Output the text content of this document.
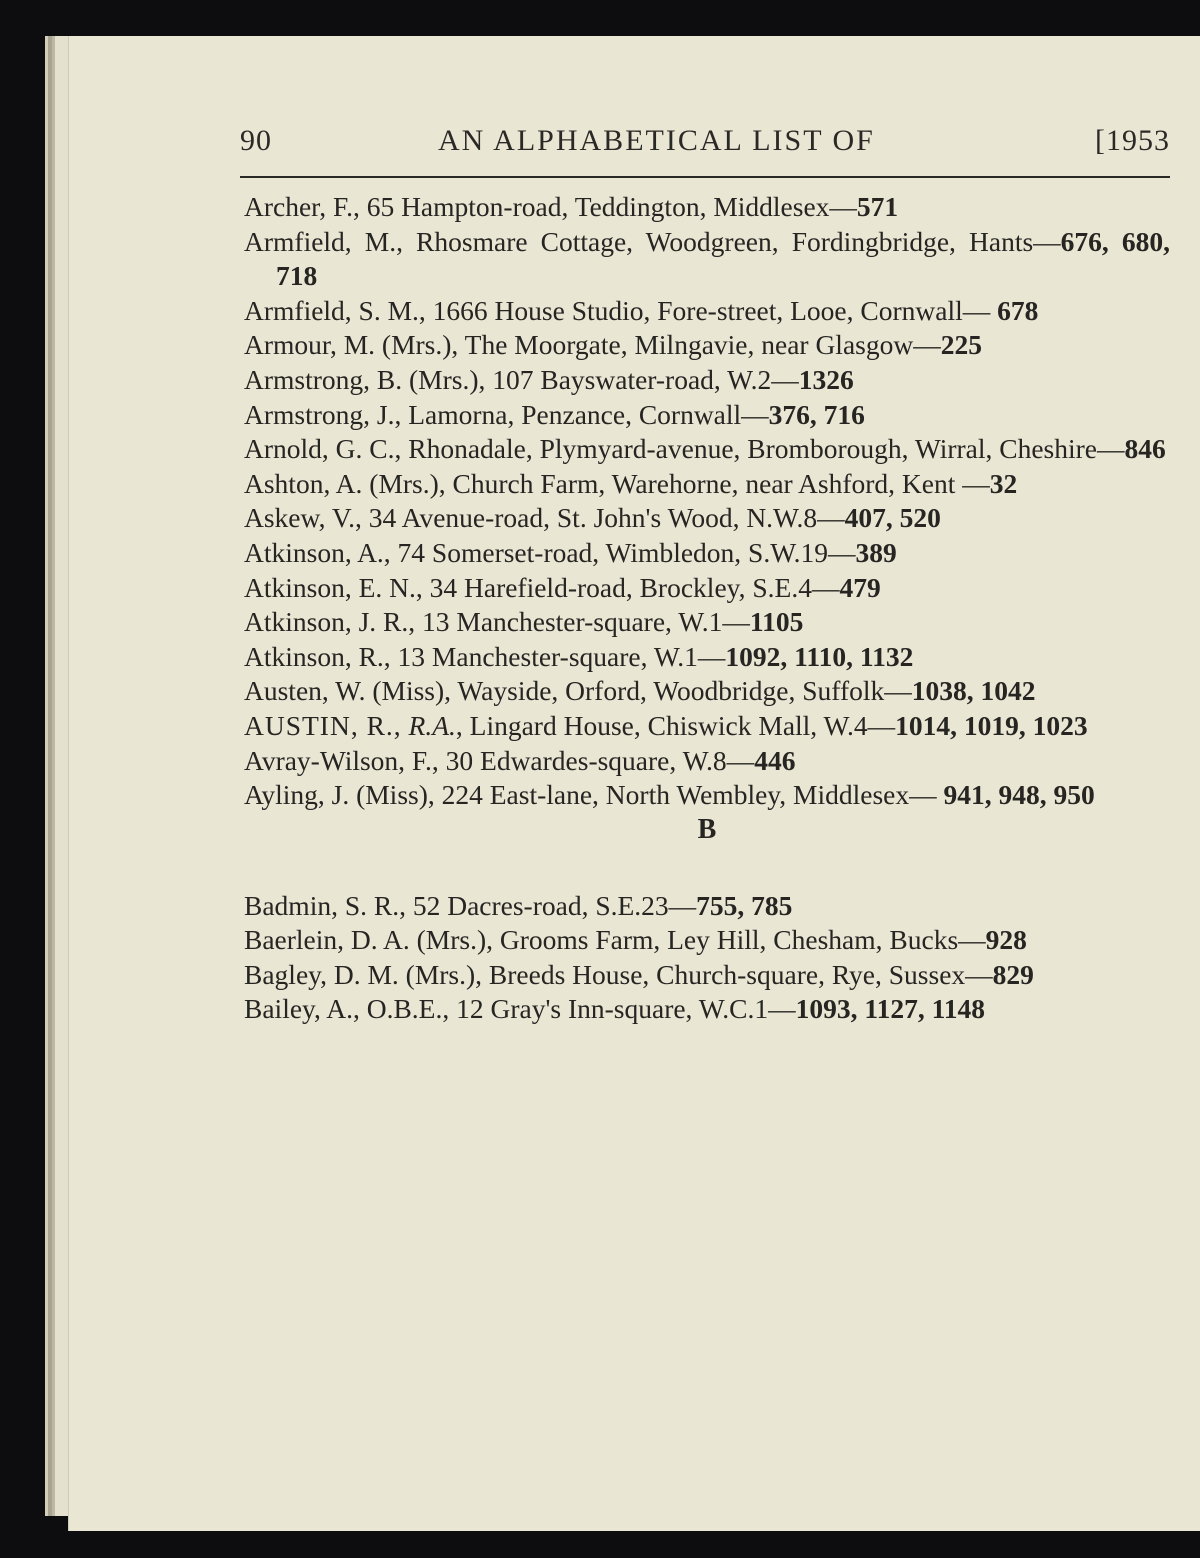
90	AN ALPHABETICAL LIST OF	[1953

Archer, F., 65 Hampton-road, Teddington, Middlesex—571

Armfield, M., Rhosmare Cottage, Woodgreen, Fordingbridge, Hants—676, 680, 718

Armfield, S. M., 1666 House Studio, Fore-street, Looe, Cornwall— 678

Armour, M. (Mrs.), The Moorgate, Milngavie, near Glasgow—225

Armstrong, B. (Mrs.), 107 Bayswater-road, W.2—1326

Armstrong, J., Lamorna, Penzance, Cornwall—376, 716

Arnold, G. C., Rhonadale, Plymyard-avenue, Bromborough, Wirral, Cheshire—846

Ashton, A. (Mrs.), Church Farm, Warehorne, near Ashford, Kent —32

Askew, V., 34 Avenue-road, St. John's Wood, N.W.8—407, 520

Atkinson, A., 74 Somerset-road, Wimbledon, S.W.19—389

Atkinson, E. N., 34 Harefield-road, Brockley, S.E.4—479

Atkinson, J. R., 13 Manchester-square, W.1—1105

Atkinson, R., 13 Manchester-square, W.1—1092, 1110, 1132

Austen, W. (Miss), Wayside, Orford, Woodbridge, Suffolk—1038, 1042

AUSTIN, R., R.A., Lingard House, Chiswick Mall, W.4—1014, 1019, 1023

Avray-Wilson, F., 30 Edwardes-square, W.8—446

Ayling, J. (Miss), 224 East-lane, North Wembley, Middlesex— 941, 948, 950

B

Badmin, S. R., 52 Dacres-road, S.E.23—755, 785

Baerlein, D. A. (Mrs.), Grooms Farm, Ley Hill, Chesham, Bucks—928

Bagley, D. M. (Mrs.), Breeds House, Church-square, Rye, Sussex—829

Bailey, A., O.B.E., 12 Gray's Inn-square, W.C.1—1093, 1127, 1148
